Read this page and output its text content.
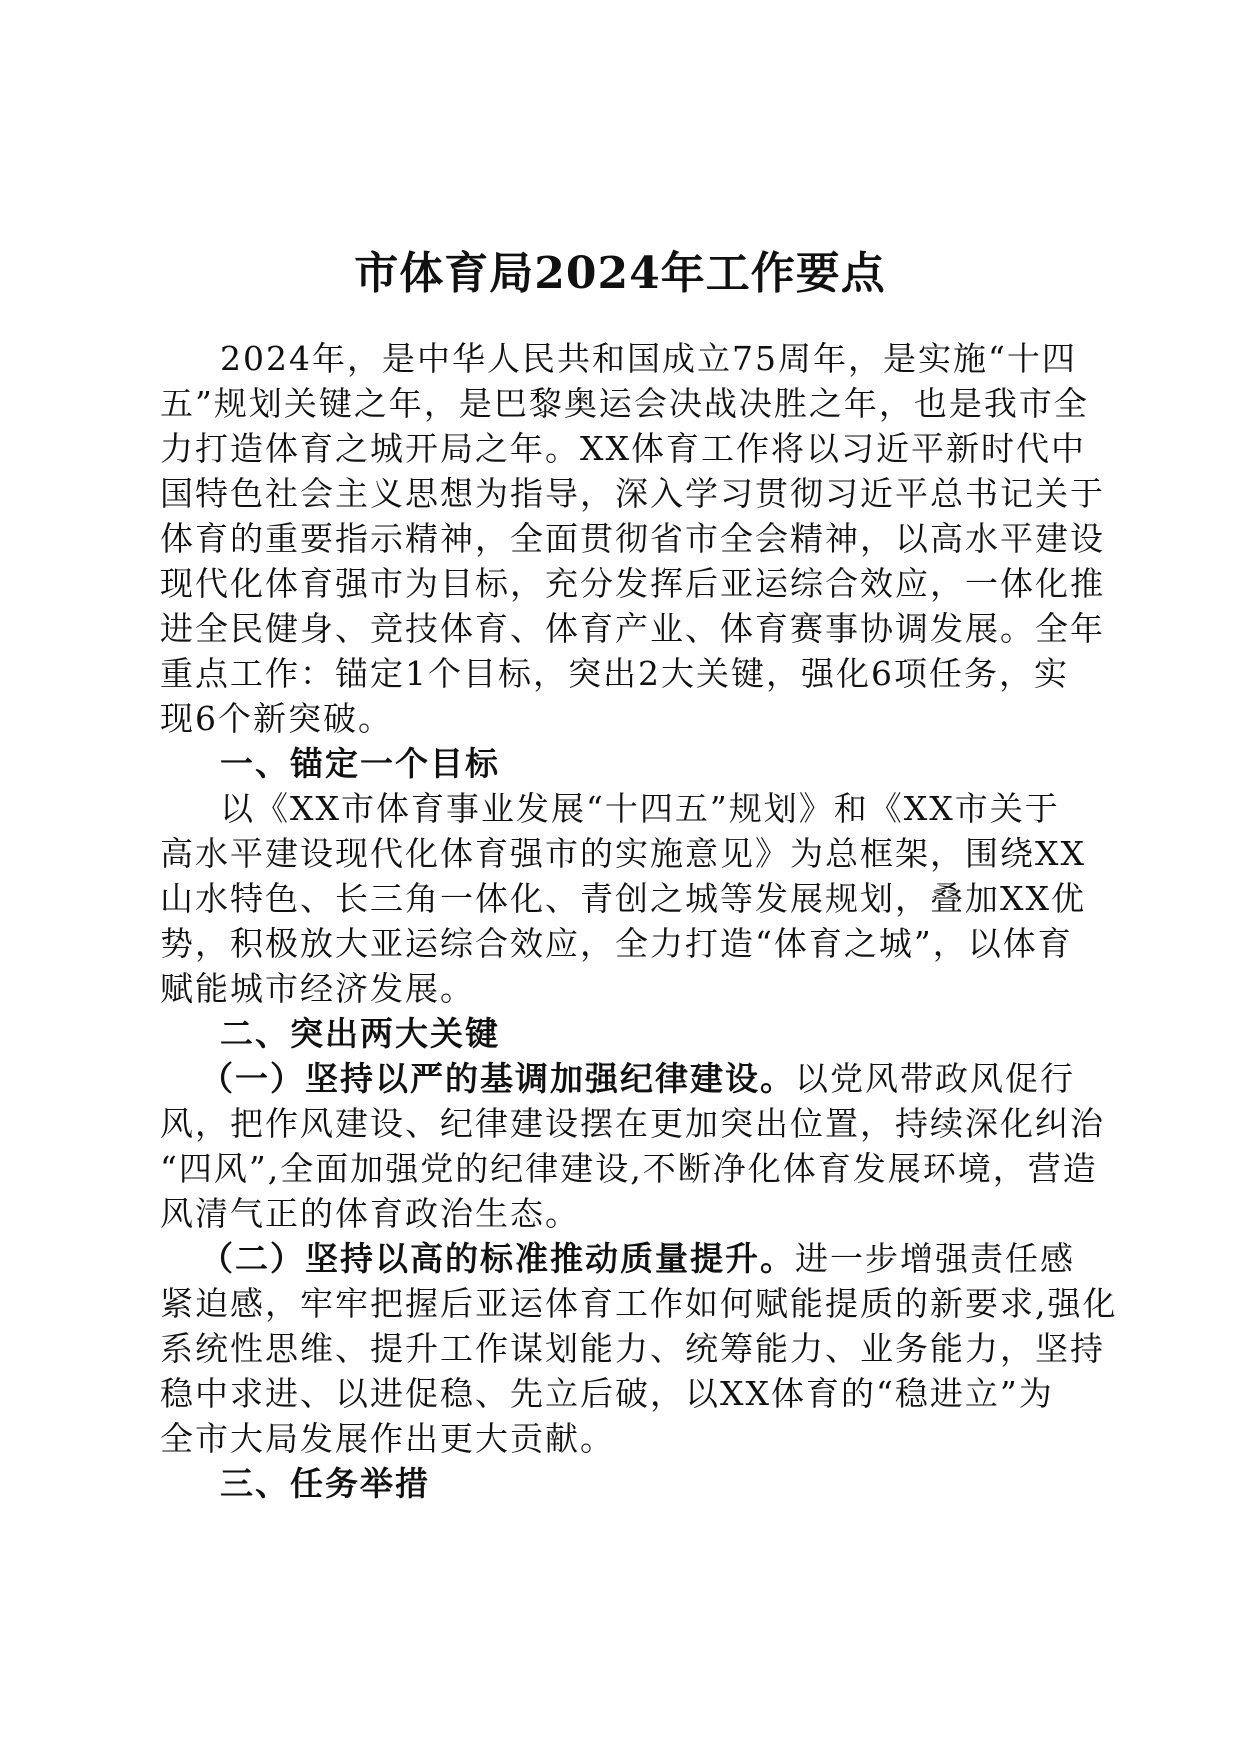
市体育局2024年工作要点
2024年，是中华人民共和国成立75周年，是实施“十四
五”规划关键之年，是巴黎奥运会决战决胜之年，也是我市全
力打造体育之城开局之年。XX体育工作将以习近平新时代中
国特色社会主义思想为指导，深入学习贯彻习近平总书记关于
体育的重要指示精神，全面贯彻省市全会精神，以高水平建设
现代化体育强市为目标，充分发挥后亚运综合效应，一体化推
进全民健身、竞技体育、体育产业、体育赛事协调发展。全年
重点工作：锚定1个目标，突出2大关键，强化6项任务，实
现6个新突破。
一、锚定一个目标
以《XX市体育事业发展“十四五”规划》和《XX市关于
高水平建设现代化体育强市的实施意见》为总框架，围绕XX
山水特色、长三角一体化、青创之城等发展规划，叠加XX优
势，积极放大亚运综合效应，全力打造“体育之城”，以体育
赋能城市经济发展。
二、突出两大关键
（一）坚持以严的基调加强纪律建设。以党风带政风促行
风，把作风建设、纪律建设摆在更加突出位置，持续深化纠治
“四风”,全面加强党的纪律建设,不断净化体育发展环境，营造
风清气正的体育政治生态。
（二）坚持以高的标准推动质量提升。进一步增强责任感
紧迫感，牢牢把握后亚运体育工作如何赋能提质的新要求,强化
系统性思维、提升工作谋划能力、统筹能力、业务能力，坚持
稳中求进、以进促稳、先立后破，以XX体育的“稳进立”为
全市大局发展作出更大贡献。
三、任务举措
